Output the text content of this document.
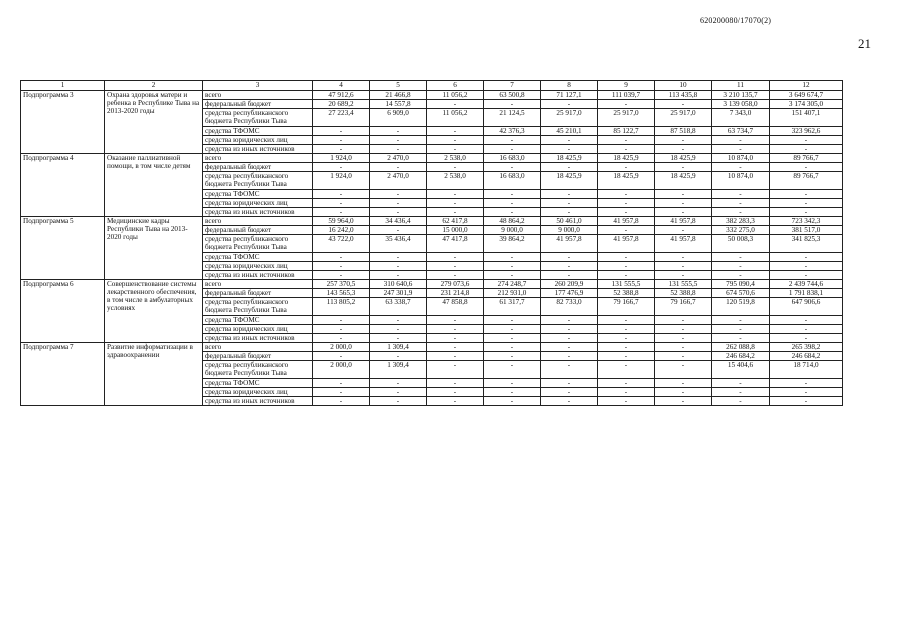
620200080/17070(2)
21
1	2	3	4	5	6	7	8	9	10	11	12
Подпрограмма 3	Охрана здоровья матери и ребенка в Республике Тыва на 2013-2020 годы	всего	47 912,6	21 466,8	11 056,2	63 500,8	71 127,1	111 039,7	113 435,8	3 210 135,7	3 649 674,7
		федеральный бюджет	20 689,2	14 557,8	-	-	-	-	-	3 139 058,0	3 174 305,0
		средства республиканского бюджета Республики Тыва	27 223,4	6 909,0	11 056,2	21 124,5	25 917,0	25 917,0	25 917,0	7 343,0	151 407,1
		средства ТФОМС	-	-	-	42 376,3	45 210,1	85 122,7	87 518,8	63 734,7	323 962,6
		средства юридических лиц	-	-	-	-	-	-	-	-	-
		средства из иных источников	-	-	-	-	-	-	-	-	-
Подпрограмма 4	Оказание паллиативной помощи, в том числе детям	всего	1 924,0	2 470,0	2 538,0	16 683,0	18 425,9	18 425,9	18 425,9	10 874,0	89 766,7
		федеральный бюджет	-	-	-	-	-	-	-	-	-
		средства республиканского бюджета Республики Тыва	1 924,0	2 470,0	2 538,0	16 683,0	18 425,9	18 425,9	18 425,9	10 874,0	89 766,7
		средства ТФОМС	-	-	-	-	-	-	-	-	-
		средства юридических лиц	-	-	-	-	-	-	-	-	-
		средства из иных источников	-	-	-	-	-	-	-	-	-
Подпрограмма 5	Медицинские кадры Республики Тыва на 2013-2020 годы	всего	59 964,0	34 436,4	62 417,8	48 864,2	50 461,0	41 957,8	41 957,8	382 283,3	723 342,3
		федеральный бюджет	16 242,0	-	15 000,0	9 000,0	9 000,0	-	-	332 275,0	381 517,0
		средства республиканского бюджета Республики Тыва	43 722,0	35 436,4	47 417,8	39 864,2	41 957,8	41 957,8	41 957,8	50 008,3	341 825,3
		средства ТФОМС	-	-	-	-	-	-	-	-	-
		средства юридических лиц	-	-	-	-	-	-	-	-	-
		средства из иных источников	-	-	-	-	-	-	-	-	-
Подпрограмма 6	Совершенствование системы лекарственного обеспечения, в том числе в амбулаторных условиях	всего	257 370,5	310 640,6	279 073,6	274 248,7	260 209,9	131 555,5	131 555,5	795 090,4	2 439 744,6
		федеральный бюджет	143 565,3	247 301,9	231 214,8	212 931,0	177 476,9	52 388,8	52 388,8	674 570,6	1 791 838,1
		средства республиканского бюджета Республики Тыва	113 805,2	63 338,7	47 858,8	61 317,7	82 733,0	79 166,7	79 166,7	120 519,8	647 906,6
		средства ТФОМС	-	-	-	-	-	-	-	-	-
		средства юридических лиц	-	-	-	-	-	-	-	-	-
		средства из иных источников	-	-	-	-	-	-	-	-	-
Подпрограмма 7	Развитие информатизации в здравоохранении	всего	2 000,0	1 309,4	-	-	-	-	-	262 088,8	265 398,2
		федеральный бюджет	-	-	-	-	-	-	-	246 684,2	246 684,2
		средства республиканского бюджета Республики Тыва	2 000,0	1 309,4	-	-	-	-	-	15 404,6	18 714,0
		средства ТФОМС	-	-	-	-	-	-	-	-	-
		средства юридических лиц	-	-	-	-	-	-	-	-	-
		средства из иных источников	-	-	-	-	-	-	-	-	-
